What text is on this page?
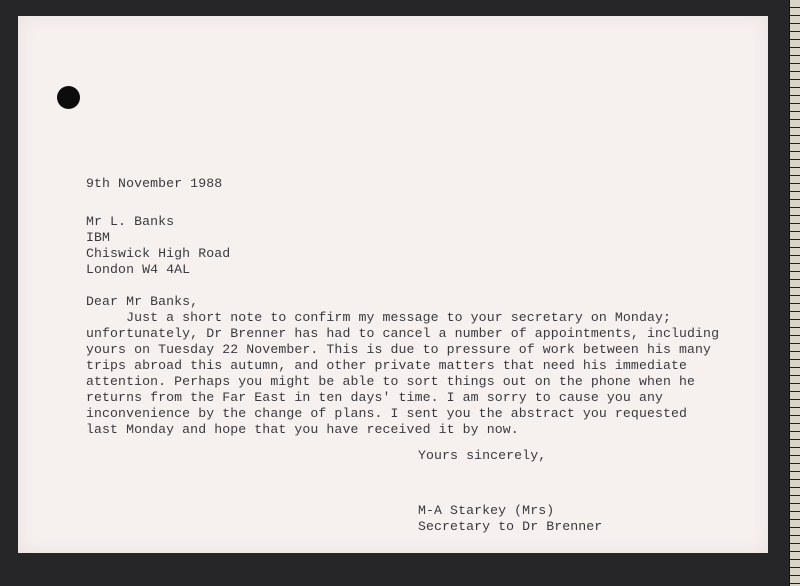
9th November 1988
Mr L. Banks
IBM
Chiswick High Road
London W4 4AL
Dear Mr Banks,
Just a short note to confirm my message to your secretary on Monday;
unfortunately, Dr Brenner has had to cancel a number of appointments, including
yours on Tuesday 22 November. This is due to pressure of work between his many
trips abroad this autumn, and other private matters that need his immediate
attention. Perhaps you might be able to sort things out on the phone when he
returns from the Far East in ten days' time. I am sorry to cause you any
inconvenience by the change of plans. I sent you the abstract you requested
last Monday and hope that you have received it by now.
Yours sincerely,
M-A Starkey (Mrs)
Secretary to Dr Brenner
